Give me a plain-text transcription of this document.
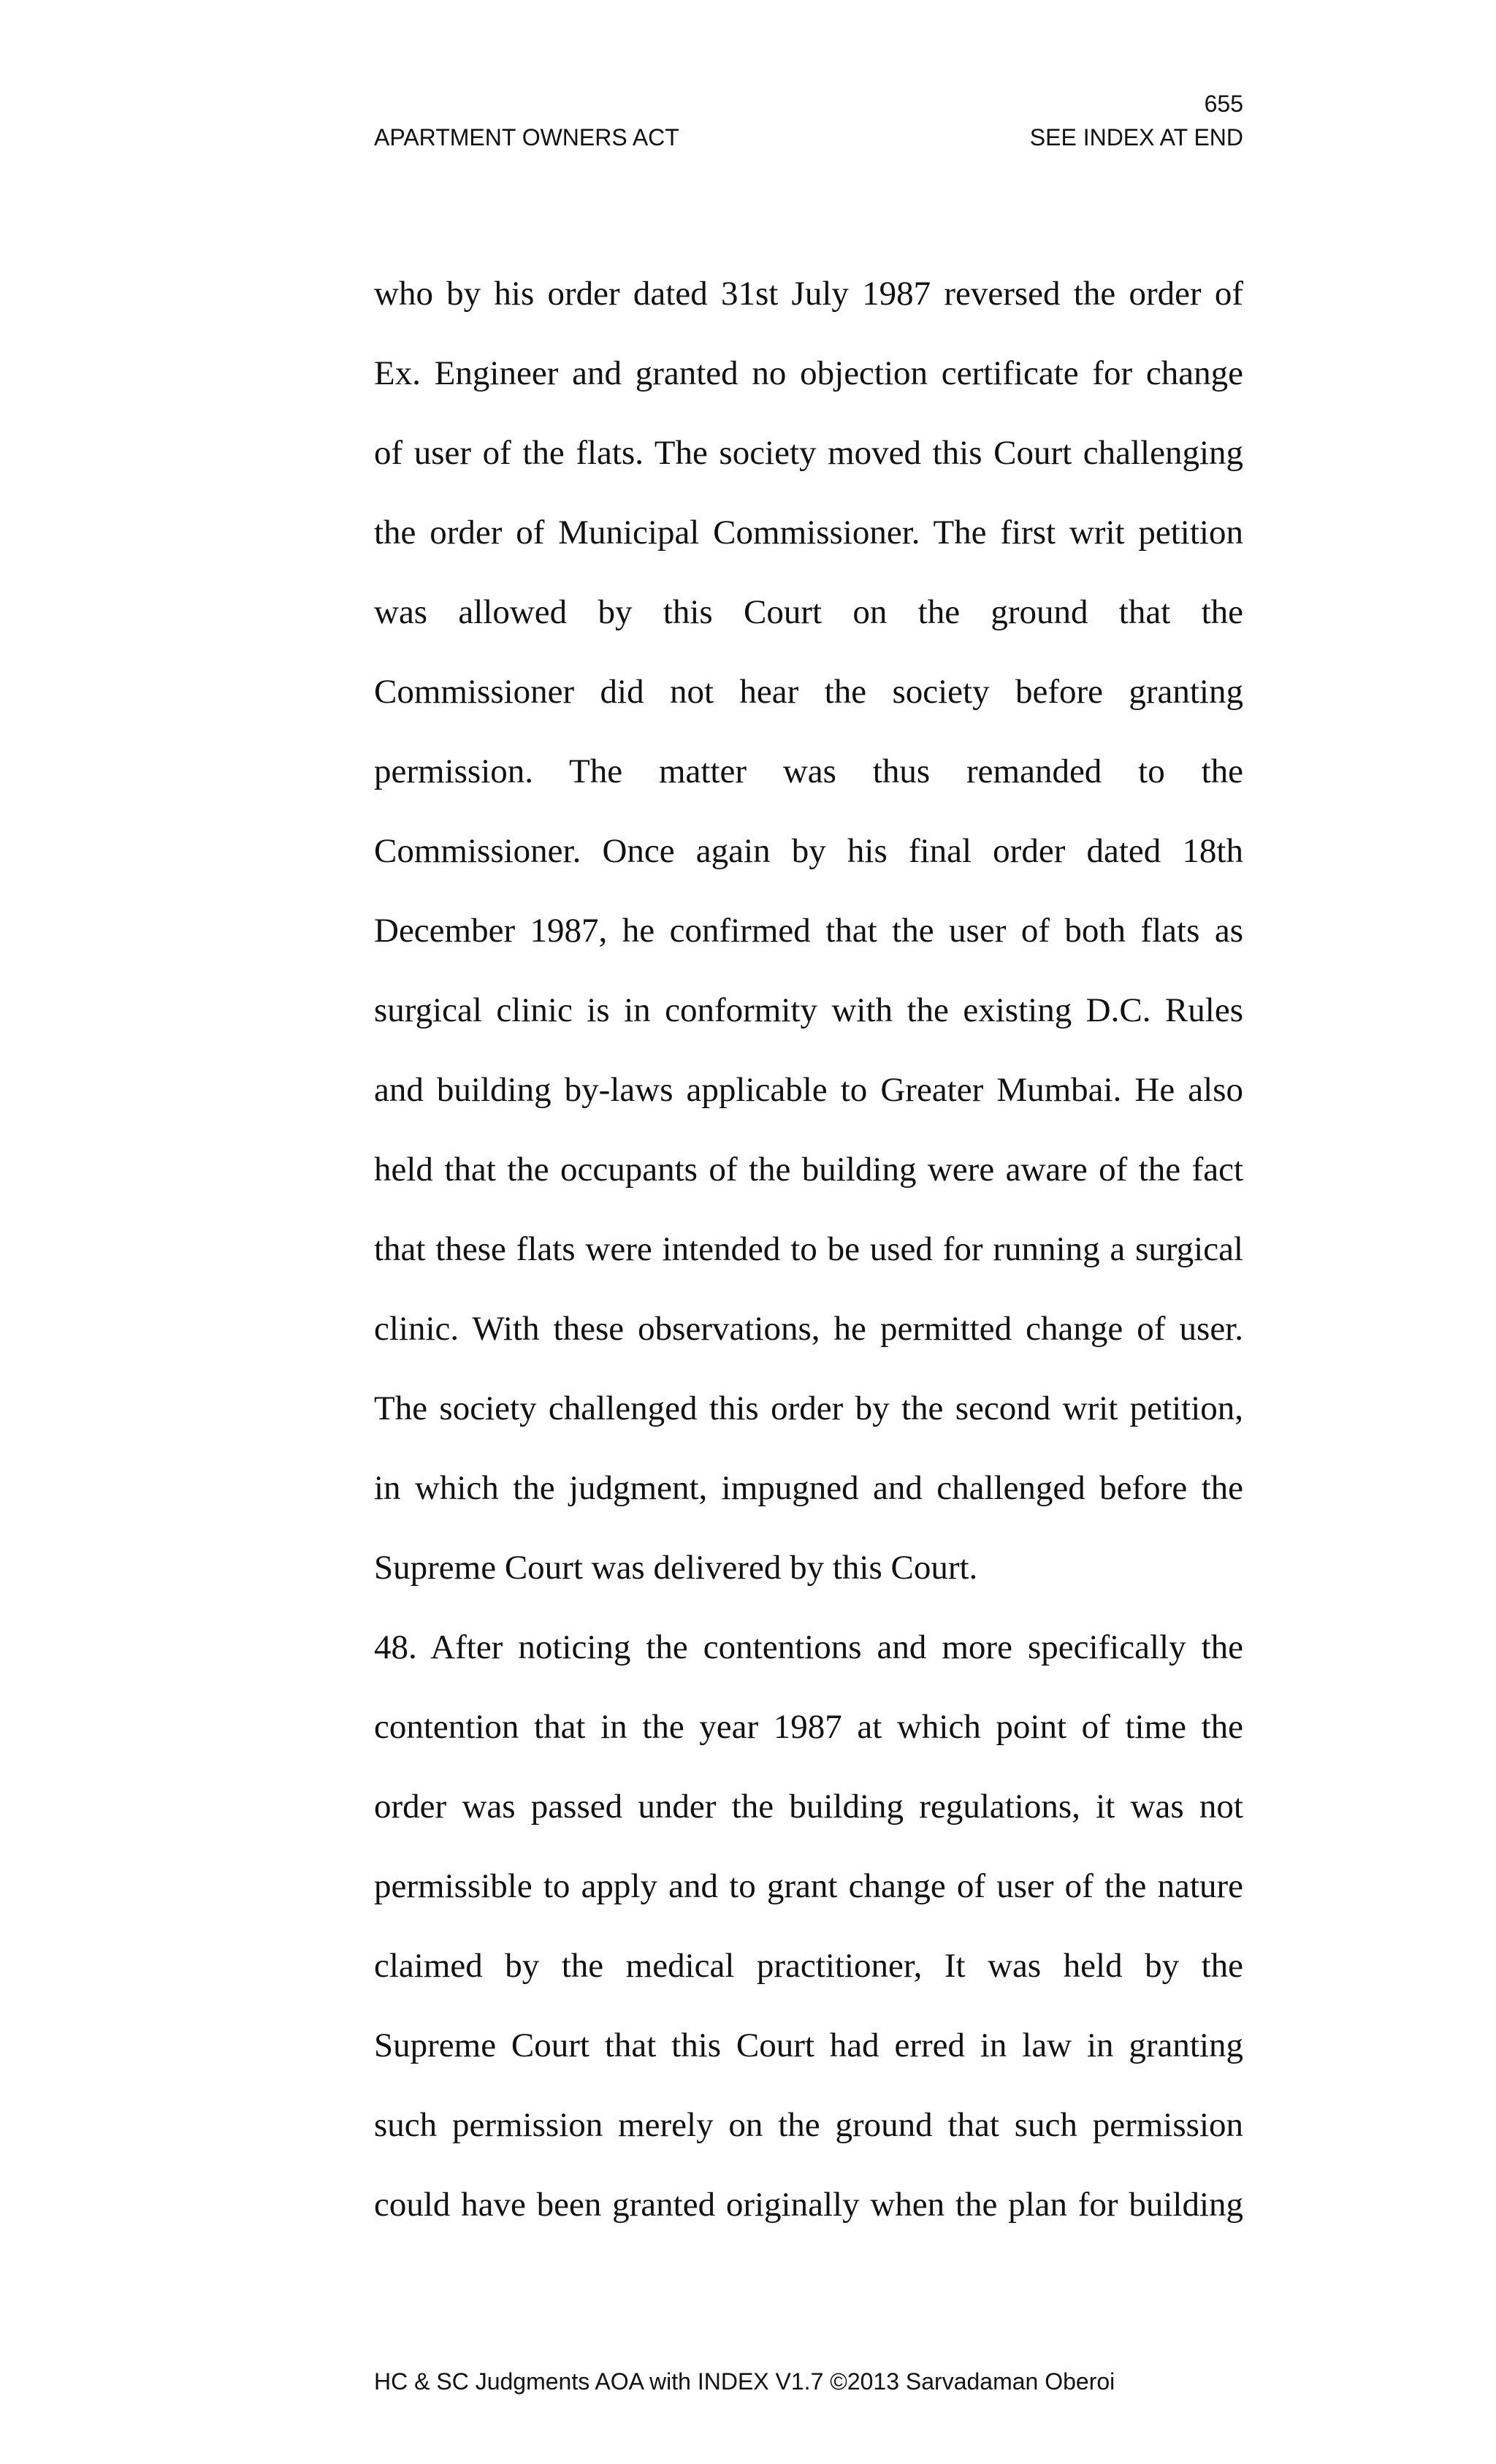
655
APARTMENT OWNERS ACT	SEE INDEX AT END
who by his order dated 31st July 1987 reversed the order of
Ex. Engineer and granted no objection certificate for change
of user of the flats. The society moved this Court challenging
the order of Municipal Commissioner. The first writ petition
was allowed by this Court on the ground that the
Commissioner did not hear the society before granting
permission. The matter was thus remanded to the
Commissioner. Once again by his final order dated 18th
December 1987, he confirmed that the user of both flats as
surgical clinic is in conformity with the existing D.C. Rules
and building by-laws applicable to Greater Mumbai. He also
held that the occupants of the building were aware of the fact
that these flats were intended to be used for running a surgical
clinic. With these observations, he permitted change of user.
The society challenged this order by the second writ petition,
in which the judgment, impugned and challenged before the
Supreme Court was delivered by this Court.
48. After noticing the contentions and more specifically the
contention that in the year 1987 at which point of time the
order was passed under the building regulations, it was not
permissible to apply and to grant change of user of the nature
claimed by the medical practitioner, It was held by the
Supreme Court that this Court had erred in law in granting
such permission merely on the ground that such permission
could have been granted originally when the plan for building
HC & SC Judgments AOA with INDEX V1.7 ©2013 Sarvadaman Oberoi
